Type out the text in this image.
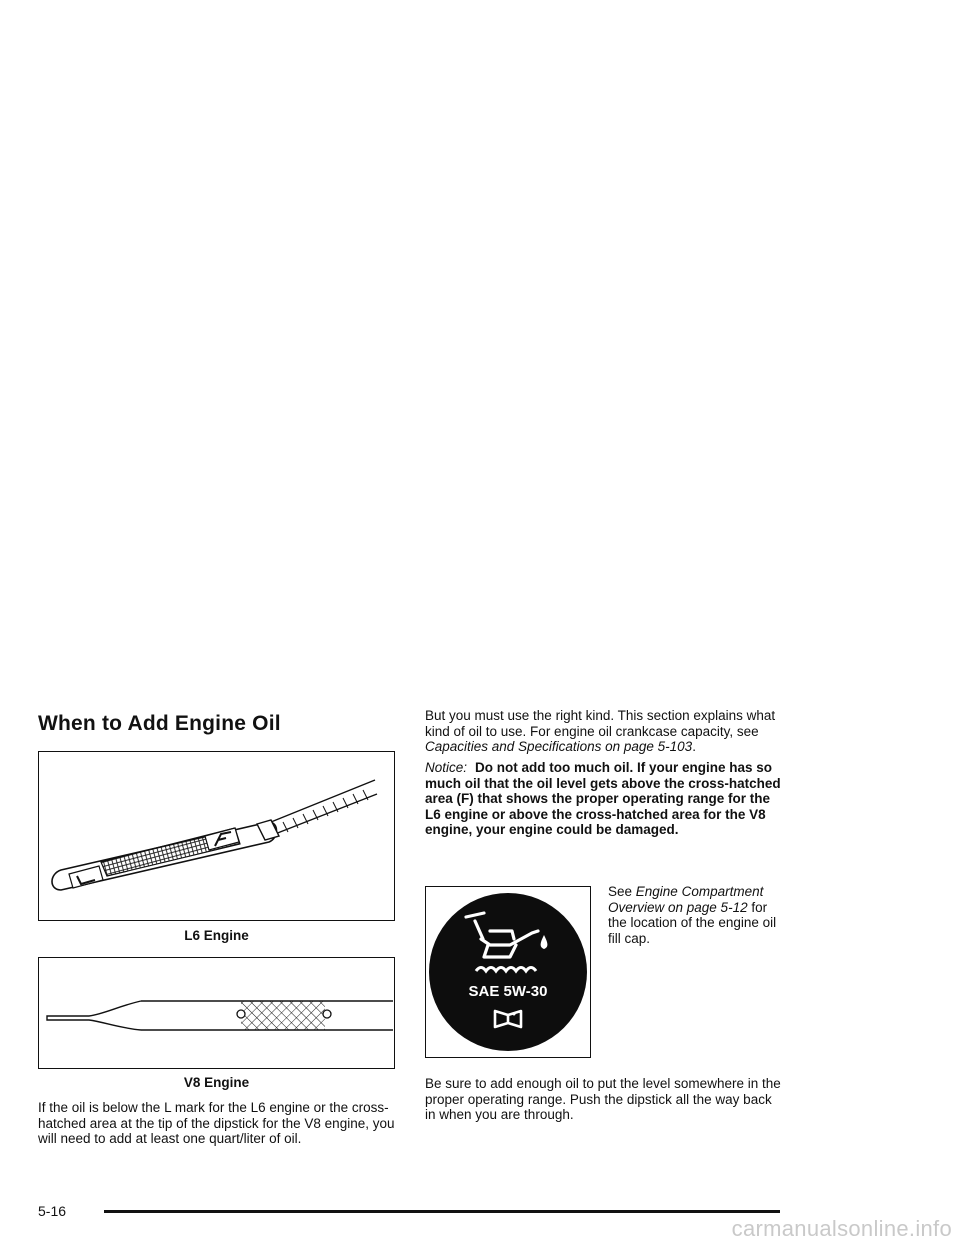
When to Add Engine Oil
L6 Engine
V8 Engine

If the oil is below the L mark for the L6 engine or the cross-hatched area at the tip of the dipstick for the V8 engine, you will need to add at least one quart/liter of oil.

But you must use the right kind. This section explains what kind of oil to use. For engine oil crankcase capacity, see Capacities and Specifications on page 5-103.

Notice: Do not add too much oil. If your engine has so much oil that the oil level gets above the cross-hatched area (F) that shows the proper operating range for the L6 engine or above the cross-hatched area for the V8 engine, your engine could be damaged.

SAE 5W-30

See Engine Compartment Overview on page 5-12 for the location of the engine oil fill cap.

Be sure to add enough oil to put the level somewhere in the proper operating range. Push the dipstick all the way back in when you are through.

5-16
carmanualsonline.info
